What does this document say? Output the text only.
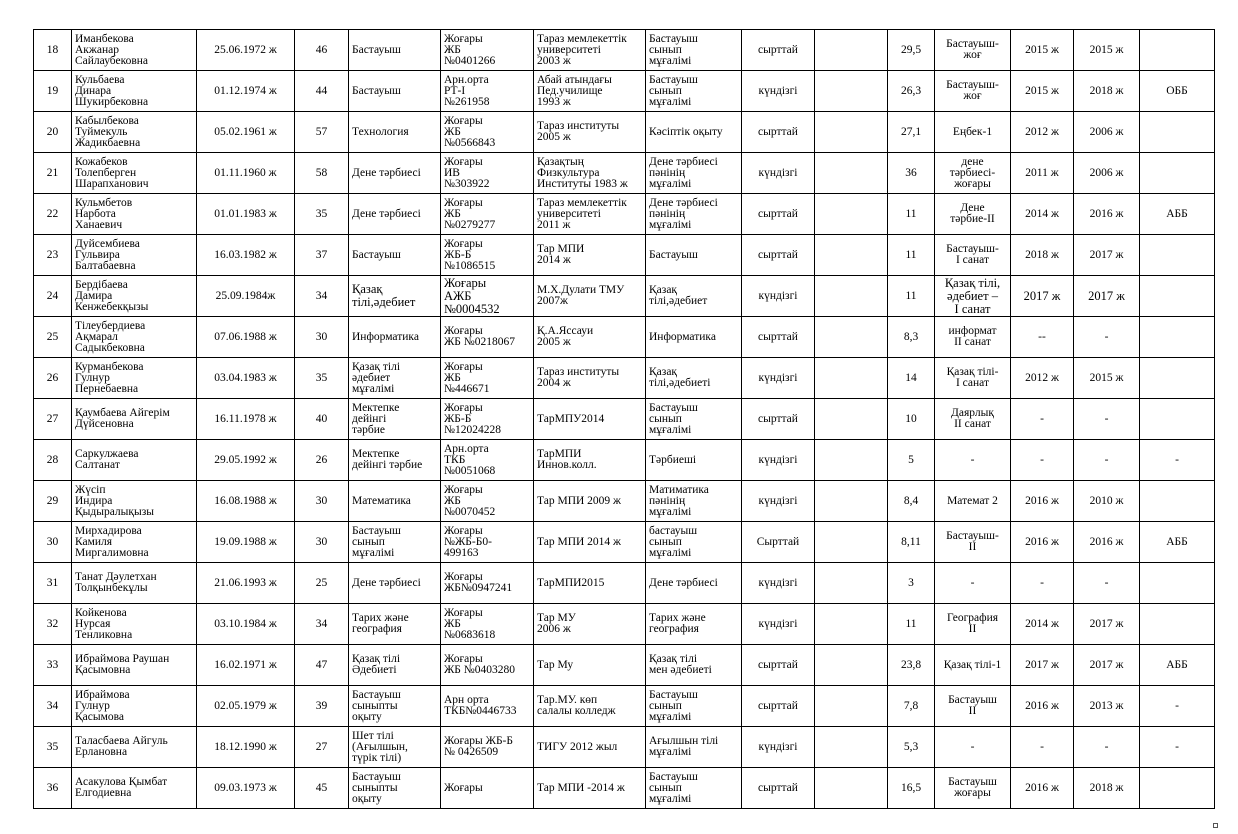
18	Иманбекова
Акжанар
Сайлаубековна	25.06.1972 ж	46	Бастауыш	Жоғары
ЖБ
№0401266	Тараз мемлекеттік
университеті
2003 ж	Бастауыш
сынып
мұғалімі	сырттай		29,5	Бастауыш-
жоғ	2015 ж	2015 ж	
19	Кульбаева
Динара
Шукирбековна	01.12.1974 ж	44	Бастауыш	Арн.орта
РТ-І
№261958	Абай атындағы
Пед.училище
1993 ж	Бастауыш
сынып
мұғалімі	күндізгі		26,3	Бастауыш-
жоғ	2015 ж	2018 ж	ОББ
20	Кабылбекова
Туймекуль
Жадикбаевна	05.02.1961 ж	57	Технология	Жоғары
ЖБ
№0566843	Тараз институты
2005 ж	Кәсіптік оқыту	сырттай		27,1	Еңбек-1	2012 ж	2006 ж	
21	Кожабеков
Толепберген
Шарапханович	01.11.1960 ж	58	Дене тәрбиесі	Жоғары
ИВ
№303922	Қазақтың
Физкультура
Институты 1983 ж	Дене тәрбиесі
пәнінің
мұғалімі	күндізгі		36	дене
тәрбиесі-
жоғары	2011 ж	2006 ж	
22	Кульмбетов
Нарбота
Ханаевич	01.01.1983 ж	35	Дене тәрбиесі	Жоғары
ЖБ
№0279277	Тараз мемлекеттік
университеті
2011 ж	Дене тәрбиесі
пәнінің
мұғалімі	сырттай		11	Дене
тәрбие-ІІ	2014 ж	2016 ж	АББ
23	Дуйсембиева
Гульвира
Балтабаевна	16.03.1982 ж	37	Бастауыш	Жоғары
ЖБ-Б
№1086515	Тар МПИ
2014 ж	Бастауыш	сырттай		11	Бастауыш-
І санат	2018 ж	2017 ж	
24	Бердібаева
Дамира
Кенжебекқызы	25.09.1984ж	34	Қазақ
тілі,әдебиет	Жоғары
АЖБ
№0004532	М.Х.Дулати ТМУ
2007ж	Қазақ
тілі,әдебиет	күндізгі		11	Қазақ тілі,
әдебиет –
І санат	2017 ж	2017 ж	
25	Тілеубердиева
Ақмарал
Садыкбековна	07.06.1988 ж	30	Информатика	Жоғары
ЖБ №0218067	Қ.А.Яссауи
2005 ж	Информатика	сырттай		8,3	информат
ІІ санат	--	-	
26	Курманбекова
Гулнур
Пернебаевна	03.04.1983 ж	35	Қазақ тілі
әдебиет
мұғалімі	Жоғары
ЖБ
№446671	Тараз институты
2004 ж	Қазақ
тілі,әдебиеті	күндізгі		14	Қазақ тілі-
І санат	2012 ж	2015 ж	
27	Қаумбаева Айгерім
Дүйсеновна	16.11.1978 ж	40	Мектепке
дейінгі
тәрбие	Жоғары
ЖБ-Б
№12024228	ТарМПУ2014	Бастауыш
сынып
мұғалімі	сырттай		10	Даярлық
ІІ санат	-	-	
28	Саркулжаева
Салтанат	29.05.1992 ж	26	Мектепке
дейінгі тәрбие	Арн.орта
ТКБ
№0051068	ТарМПИ
Иннов.колл.	Тәрбиеші	күндізгі		5	-	-	-	-
29	Жүсіп
Индира
Қыдыралықызы	16.08.1988 ж	30	Математика	Жоғары
ЖБ
№0070452	Тар МПИ 2009 ж	Матиматика
пәнінің
мұғалімі	күндізгі		8,4	Математ 2	2016 ж	2010 ж	
30	Мирхадирова
Камиля
Миргалимовна	19.09.1988 ж	30	Бастауыш
сынып
мұғалімі	Жоғары
№ЖБ-Б0-
499163	Тар МПИ 2014 ж	бастауыш
сынып
мұғалімі	Сырттай		8,11	Бастауыш-
ІІ	2016 ж	2016 ж	АББ
31	Танат Дәулетхан
Толқынбекұлы	21.06.1993 ж	25	Дене тәрбиесі	Жоғары
ЖБ№0947241	ТарМПИ2015	Дене тәрбиесі	күндізгі		3	-	-	-	
32	Койкенова
Нурсая
Тенликовна	03.10.1984 ж	34	Тарих және
география	Жоғары
ЖБ
№0683618	Тар МУ
2006 ж	Тарих және
география	күндізгі		11	География
ІІ	2014 ж	2017 ж	
33	Ибраймова Раушан
Қасымовна	16.02.1971 ж	47	Қазақ тілі
Әдебиеті	Жоғары
ЖБ №0403280	Тар Му	Қазақ тілі
мен әдебиеті	сырттай		23,8	Қазақ тілі-1	2017 ж	2017 ж	АББ
34	Ибраймова
Гулнур
Қасымова	02.05.1979 ж	39	Бастауыш
сыныпты
оқыту	Арн орта
ТКБ№0446733	Тар.МУ. көп
салалы колледж	Бастауыш
сынып
мұғалімі	сырттай		7,8	Бастауыш
ІІ	2016 ж	2013 ж	-
35	Таласбаева Айгуль
Ерлановна	18.12.1990 ж	27	Шет тілі
(Ағылшын,
түрік тілі)	Жоғары ЖБ-Б
№ 0426509	ТИГУ 2012 жыл	Ағылшын тілі
мұғалімі	күндізгі		5,3	-	-	-	-
36	Асакулова Қымбат
Елгодиевна	09.03.1973 ж	45	Бастауыш
сыныпты
оқыту	Жоғары	Тар МПИ -2014 ж	Бастауыш
сынып
мұғалімі	сырттай		16,5	Бастауыш
жоғары	2016 ж	2018 ж	
